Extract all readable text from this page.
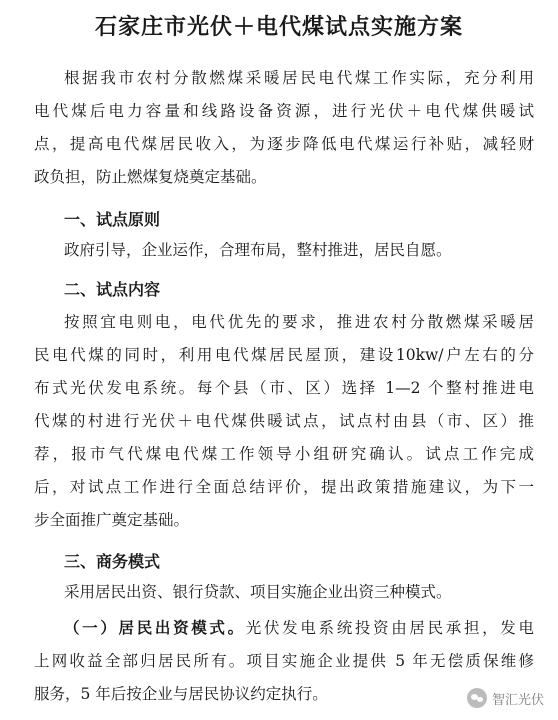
石家庄市光伏＋电代煤试点实施方案
根据我市农村分散燃煤采暖居民电代煤工作实际，充分利用
电代煤后电力容量和线路设备资源，进行光伏＋电代煤供暖试
点，提高电代煤居民收入，为逐步降低电代煤运行补贴，减轻财
政负担，防止燃煤复烧奠定基础。
一、试点原则
政府引导，企业运作，合理布局，整村推进，居民自愿。
二、试点内容
按照宜电则电，电代优先的要求，推进农村分散燃煤采暖居
民电代煤的同时，利用电代煤居民屋顶，建设10kw/户左右的分
布式光伏发电系统。每个县（市、区）选择 1—2 个整村推进电
代煤的村进行光伏＋电代煤供暖试点，试点村由县（市、区）推
荐，报市气代煤电代煤工作领导小组研究确认。试点工作完成
后，对试点工作进行全面总结评价，提出政策措施建议，为下一
步全面推广奠定基础。
三、商务模式
采用居民出资、银行贷款、项目实施企业出资三种模式。
（一）居民出资模式。光伏发电系统投资由居民承担，发电
上网收益全部归居民所有。项目实施企业提供 5 年无偿质保维修
服务，5 年后按企业与居民协议约定执行。	智汇光伏
